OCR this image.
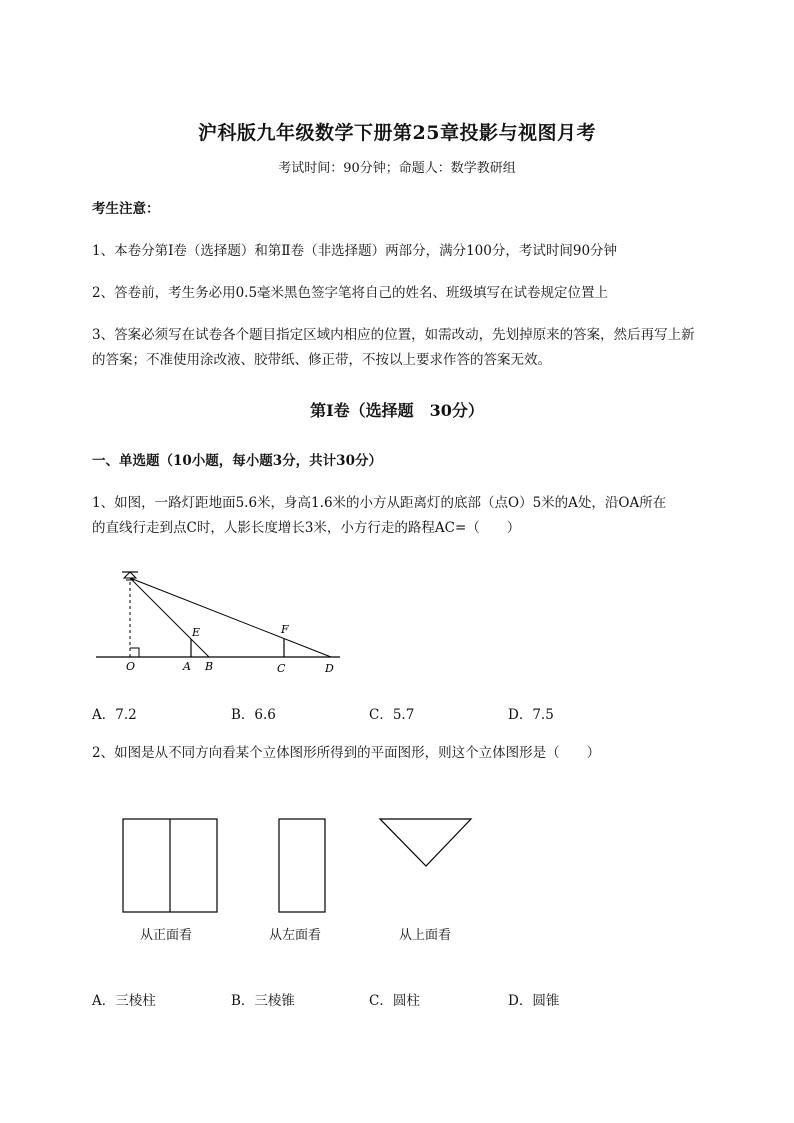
沪科版九年级数学下册第25章投影与视图月考
考试时间：90分钟；命题人：数学教研组
考生注意：
1、本卷分第I卷（选择题）和第Ⅱ卷（非选择题）两部分，满分100分，考试时间90分钟
2、答卷前，考生务必用0.5毫米黑色签字笔将自己的姓名、班级填写在试卷规定位置上
3、答案必须写在试卷各个题目指定区域内相应的位置，如需改动，先划掉原来的答案，然后再写上新
的答案；不准使用涂改液、胶带纸、修正带，不按以上要求作答的答案无效。
第I卷（选择题　30分）
一、单选题（10小题，每小题3分，共计30分）
1、如图，一路灯距地面5.6米，身高1.6米的小方从距离灯的底部（点O）5米的A处，沿OA所在
的直线行走到点C时，人影长度增长3米，小方行走的路程AC=（　　）
O	A B	C	D
E	F
A．7.2	B．6.6	C．5.7	D．7.5
2、如图是从不同方向看某个立体图形所得到的平面图形，则这个立体图形是（　　）
从正面看	从左面看	从上面看
A．三棱柱	B．三棱锥	C．圆柱	D．圆锥
